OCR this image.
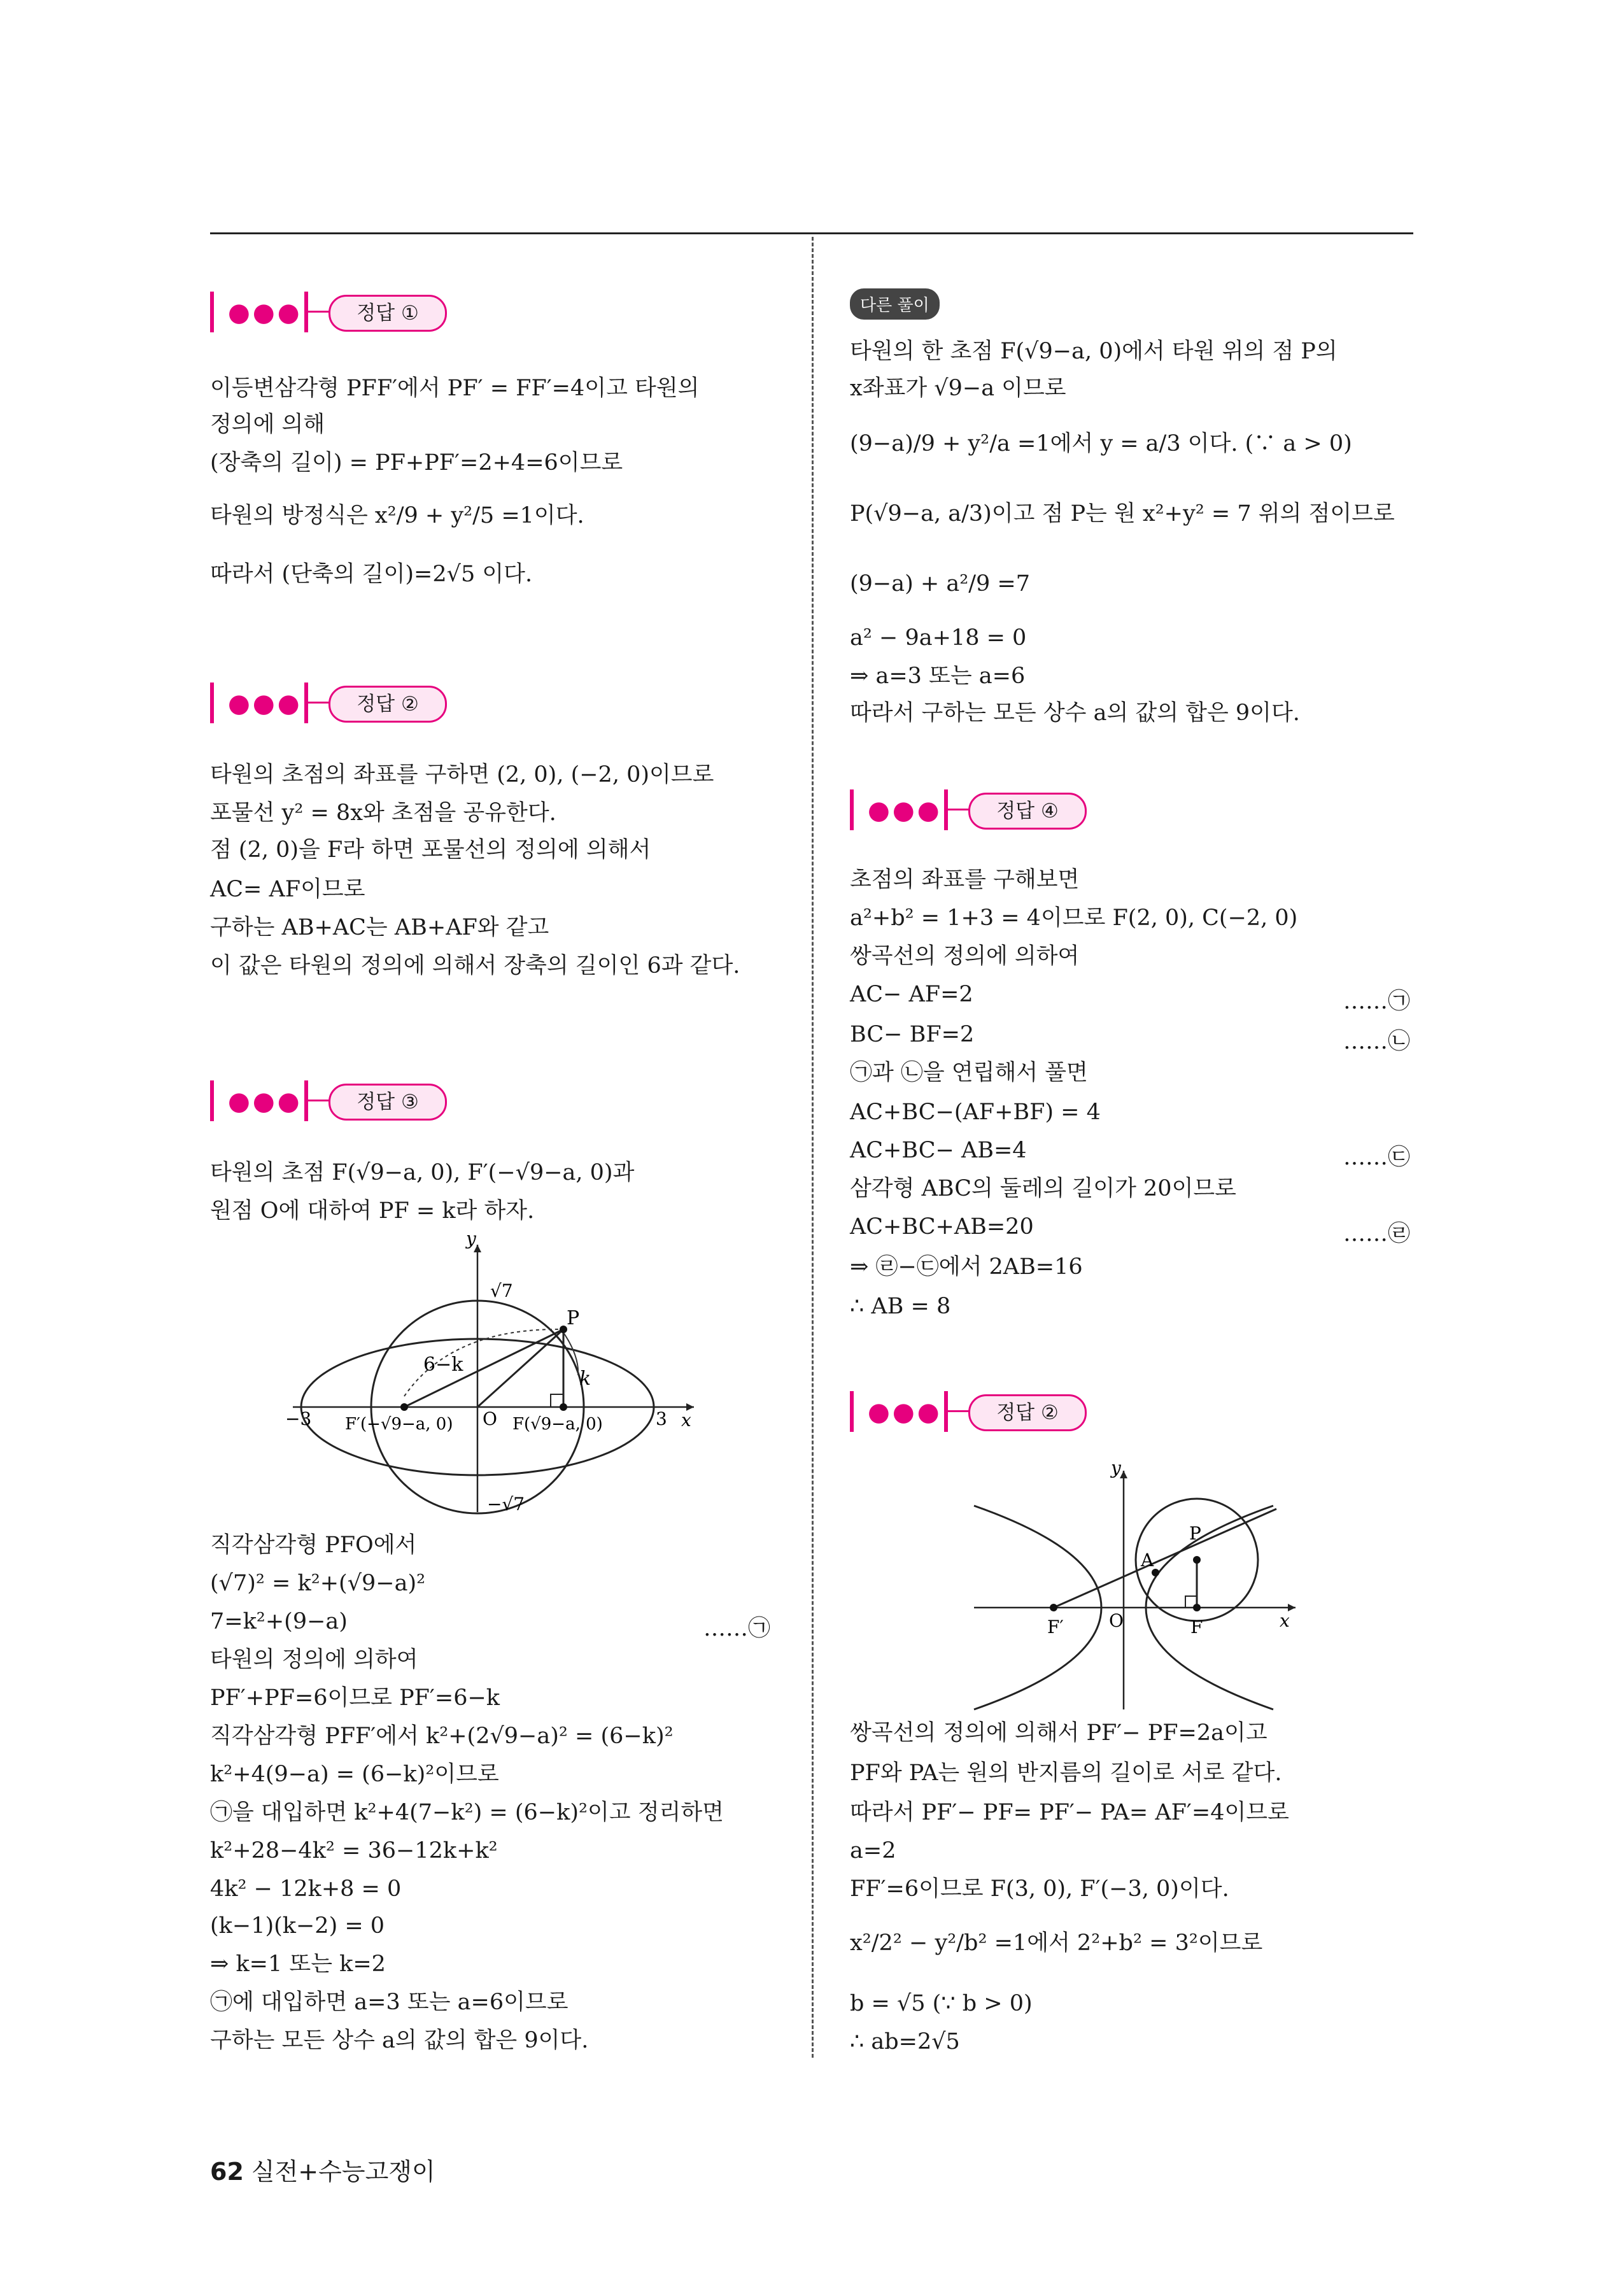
●●●	정답 ①
●●●	정답 ②
●●●	정답 ③
●●●	정답 ④
●●●	정답 ②
다른 풀이
이등변삼각형 PFF′에서 PF′ = FF′=4이고 타원의
정의에 의해
(장축의 길이) = PF+PF′=2+4=6이므로
타원의 방정식은 x²/9 + y²/5 =1이다.
따라서 (단축의 길이)=2√5 이다.
타원의 초점의 좌표를 구하면 (2, 0), (−2, 0)이므로
포물선 y² = 8x와 초점을 공유한다.
점 (2, 0)을 F라 하면 포물선의 정의에 의해서
AC= AF이므로
구하는 AB+AC는 AB+AF와 같고
이 값은 타원의 정의에 의해서 장축의 길이인 6과 같다.
타원의 초점 F(√9−a, 0), F′(−√9−a, 0)과
원점 O에 대하여 PF = k라 하자.
y
x
√7
−√7
P
k
6−k
−3	3
O
F′(−√9−a, 0)	F(√9−a, 0)
직각삼각형 PFO에서
(√7)² = k²+(√9−a)²
7=k²+(9−a)	……㉠
타원의 정의에 의하여
PF′+PF=6이므로 PF′=6−k
직각삼각형 PFF′에서 k²+(2√9−a)² = (6−k)²
k²+4(9−a) = (6−k)²이므로
㉠을 대입하면 k²+4(7−k²) = (6−k)²이고 정리하면
k²+28−4k² = 36−12k+k²
4k² − 12k+8 = 0
(k−1)(k−2) = 0
⇒ k=1 또는 k=2
㉠에 대입하면 a=3 또는 a=6이므로
구하는 모든 상수 a의 값의 합은 9이다.
타원의 한 초점 F(√9−a, 0)에서 타원 위의 점 P의
x좌표가 √9−a 이므로
(9−a)/9 + y²/a =1에서 y = a/3 이다. (∵ a > 0)
P(√9−a, a/3)이고 점 P는 원 x²+y² = 7 위의 점이므로
(9−a) + a²/9 =7
a² − 9a+18 = 0
⇒ a=3 또는 a=6
따라서 구하는 모든 상수 a의 값의 합은 9이다.
초점의 좌표를 구해보면
a²+b² = 1+3 = 4이므로 F(2, 0), C(−2, 0)
쌍곡선의 정의에 의하여
AC− AF=2	……㉠
BC− BF=2	……㉡
㉠과 ㉡을 연립해서 풀면
AC+BC−(AF+BF) = 4
AC+BC− AB=4	……㉢
삼각형 ABC의 둘레의 길이가 20이므로
AC+BC+AB=20	……㉣
⇒ ㉣−㉢에서 2AB=16
∴ AB = 8
y
x
A
P
F′	O	F
쌍곡선의 정의에 의해서 PF′− PF=2a이고
PF와 PA는 원의 반지름의 길이로 서로 같다.
따라서 PF′− PF= PF′− PA= AF′=4이므로
a=2
FF′=6이므로 F(3, 0), F′(−3, 0)이다.
x²/2² − y²/b² =1에서 2²+b² = 3²이므로
b = √5 (∵ b > 0)
∴ ab=2√5
62 실전+수능고쟁이
